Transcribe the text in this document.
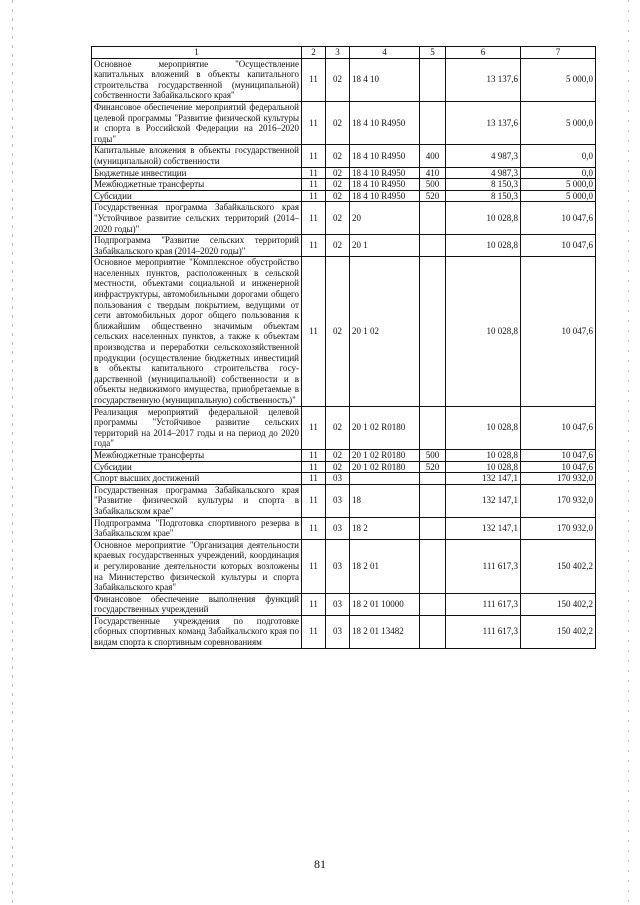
1	2	3	4	5	6	7
Основное мероприятие "Осуществление капитальных вложений в объекты капитального строительства государственной (муниципальной) собственности Забайкальского края"	11	02	18 4 10		13 137,6	5 000,0
Финансовое обеспечение мероприятий федеральной целевой программы "Развитие физической культуры и спорта в Российской Федерации на 2016–2020 годы"	11	02	18 4 10 R4950		13 137,6	5 000,0
Капитальные вложения в объекты государственной (муниципальной) собственности	11	02	18 4 10 R4950	400	4 987,3	0,0
Бюджетные инвестиции	11	02	18 4 10 R4950	410	4 987,3	0,0
Межбюджетные трансферты	11	02	18 4 10 R4950	500	8 150,3	5 000,0
Субсидии	11	02	18 4 10 R4950	520	8 150,3	5 000,0
Государственная программа Забайкальского края "Устойчивое развитие сельских территорий (2014–2020 годы)"	11	02	20		10 028,8	10 047,6
Подпрограмма "Развитие сельских территорий Забайкальского края (2014–2020 годы)"	11	02	20 1		10 028,8	10 047,6
Основное мероприятие "Комплексное обустройство населенных пунктов, расположенных в сельской местности, объектами социальной и инженерной инфраструктуры, автомобильными дорогами общего пользования с твердым покрытием, ведущими от сети автомобильных дорог общего пользования к ближайшим общественно значимым объектам сельских населенных пунктов, а также к объектам производства и переработки сельскохозяйственной продукции (осуществление бюджетных инвестиций в объекты капитального строительства государственной (муниципальной) собственности и в объекты недвижимого имущества, приобретаемые в государственную (муниципальную) собственность)"	11	02	20 1 02		10 028,8	10 047,6
Реализация мероприятий федеральной целевой программы "Устойчивое развитие сельских территорий на 2014–2017 годы и на период до 2020 года"	11	02	20 1 02 R0180		10 028,8	10 047,6
Межбюджетные трансферты	11	02	20 1 02 R0180	500	10 028,8	10 047,6
Субсидии	11	02	20 1 02 R0180	520	10 028,8	10 047,6
Спорт высших достижений	11	03			132 147,1	170 932,0
Государственная программа Забайкальского края "Развитие физической культуры и спорта в Забайкальском крае"	11	03	18		132 147,1	170 932,0
Подпрограмма "Подготовка спортивного резерва в Забайкальском крае"	11	03	18 2		132 147,1	170 932,0
Основное мероприятие "Организация деятельности краевых государственных учреждений, координация и регулирование деятельности которых возложены на Министерство физической культуры и спорта Забайкальского края"	11	03	18 2 01		111 617,3	150 402,2
Финансовое обеспечение выполнения функций государственных учреждений	11	03	18 2 01 10000		111 617,3	150 402,2
Государственные учреждения по подготовке сборных спортивных команд Забайкальского края по видам спорта к спортивным соревнованиям	11	03	18 2 01 13482		111 617,3	150 402,2
81
